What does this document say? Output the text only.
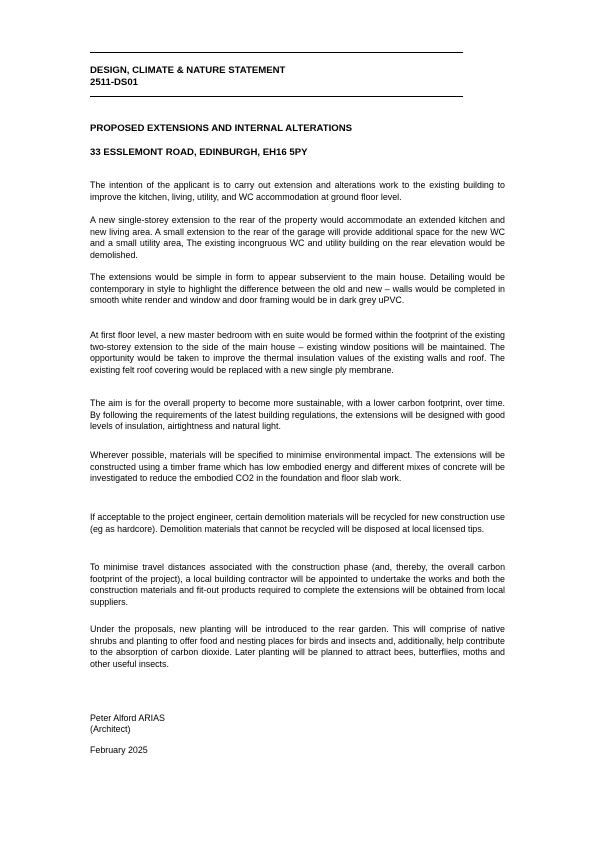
DESIGN, CLIMATE & NATURE STATEMENT
2511-DS01
PROPOSED EXTENSIONS AND INTERNAL ALTERATIONS
33 ESSLEMONT ROAD, EDINBURGH, EH16 5PY
The intention of the applicant is to carry out extension and alterations work to the existing building to improve the kitchen, living, utility, and WC accommodation at ground floor level.
A new single-storey extension to the rear of the property would accommodate an extended kitchen and new living area. A small extension to the rear of the garage will provide additional space for the new WC and a small utility area, The existing incongruous WC and utility building on the rear elevation would be demolished.
The extensions would be simple in form to appear subservient to the main house. Detailing would be contemporary in style to highlight the difference between the old and new – walls would be completed in smooth white render and window and door framing would be in dark grey uPVC.
At first floor level, a new master bedroom with en suite would be formed within the footprint of the existing two-storey extension to the side of the main house – existing window positions will be maintained. The opportunity would be taken to improve the thermal insulation values of the existing walls and roof. The existing felt roof covering would be replaced with a new single ply membrane.
The aim is for the overall property to become more sustainable, with a lower carbon footprint, over time. By following the requirements of the latest building regulations, the extensions will be designed with good levels of insulation, airtightness and natural light.
Wherever possible, materials will be specified to minimise environmental impact. The extensions will be constructed using a timber frame which has low embodied energy and different mixes of concrete will be investigated to reduce the embodied CO2 in the foundation and floor slab work.
If acceptable to the project engineer, certain demolition materials will be recycled for new construction use (eg as hardcore). Demolition materials that cannot be recycled will be disposed at local licensed tips.
To minimise travel distances associated with the construction phase (and, thereby, the overall carbon footprint of the project), a local building contractor will be appointed to undertake the works and both the construction materials and fit-out products required to complete the extensions will be obtained from local suppliers.
Under the proposals, new planting will be introduced to the rear garden. This will comprise of native shrubs and planting to offer food and nesting places for birds and insects and, additionally, help contribute to the absorption of carbon dioxide. Later planting will be planned to attract bees, butterflies, moths and other useful insects.
Peter Alford ARIAS
(Architect)
February 2025
